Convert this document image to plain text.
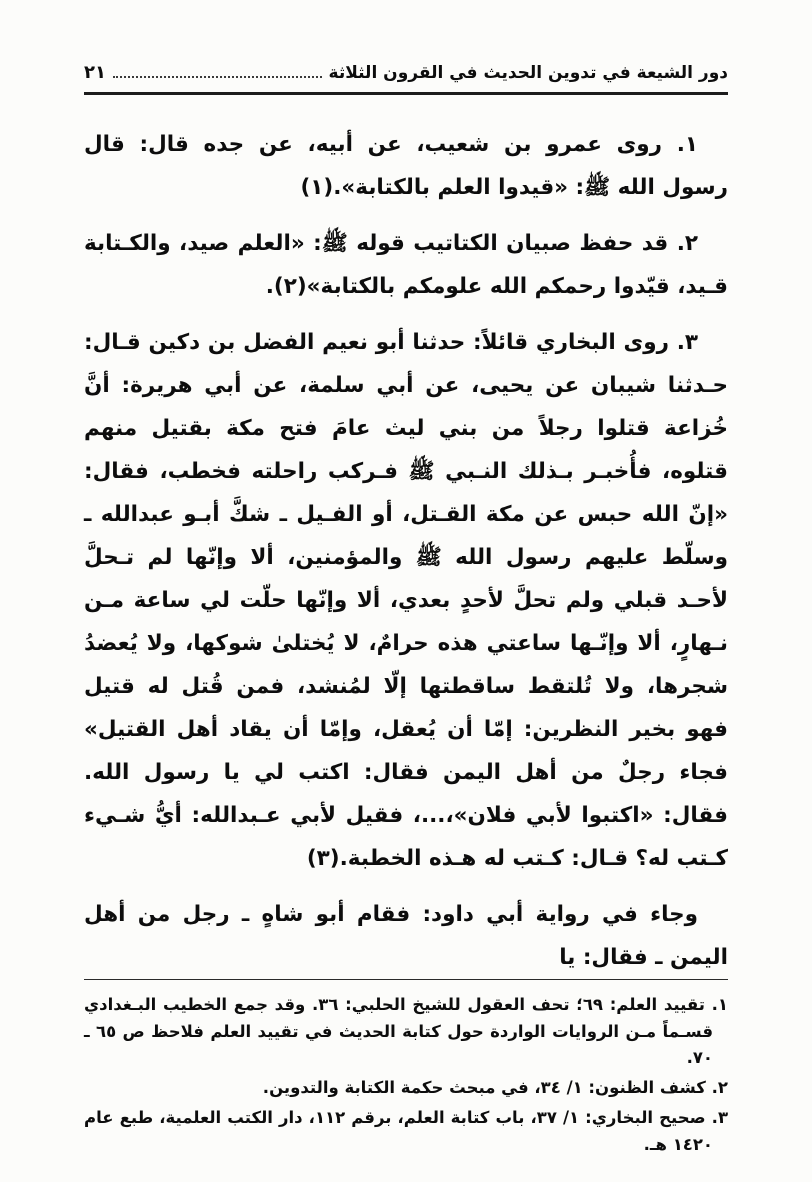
دور الشيعة في تدوين الحديث في القرون الثلاثة
٢١

١. روى عمرو بن شعيب، عن أبيه، عن جده قال: قال رسول الله ﷺ: «قيدوا العلم بالكتابة».(١)

٢. قد حفظ صبيان الكتاتيب قوله ﷺ: «العلم صيد، والكـتابة قـيد، قيّدوا رحمكم الله علومكم بالكتابة»(٢).

٣. روى البخاري قائلاً: حدثنا أبو نعيم الفضل بن دكين قـال: حـدثنا شيبان عن يحيى، عن أبي سلمة، عن أبي هريرة: أنَّ خُزاعة قتلوا رجلاً من بني ليث عامَ فتح مكة بقتيل منهم قتلوه، فأُخبـر بـذلك النـبي ﷺ فـركب راحلته فخطب، فقال: «إنّ الله حبس عن مكة القـتل، أو الفـيل ـ شكَّ أبـو عبدالله ـ وسلّط عليهم رسول الله ﷺ والمؤمنين، ألا وإنّها لم تـحلَّ لأحـد قبلي ولم تحلَّ لأحدٍ بعدي، ألا وإنّها حلّت لي ساعة مـن نـهارٍ، ألا وإنّـها ساعتي هذه حرامٌ، لا يُختلىٰ شوكها، ولا يُعضدُ شجرها، ولا تُلتقط ساقطتها إلّا لمُنشد، فمن قُتل له قتيل فهو بخير النظرين: إمّا أن يُعقل، وإمّا أن يقاد أهل القتيل» فجاء رجلٌ من أهل اليمن فقال: اكتب لي يا رسول الله. فقال: «اكتبوا لأبي فلان»،...، فقيل لأبي عـبدالله: أيُّ شـيء كـتب له؟ قـال: كـتب له هـذه الخطبة.(٣)

وجاء في رواية أبي داود: فقام أبو شاهٍ ـ رجل من أهل اليمن ـ فقال: يا

١. تقييد العلم: ٦٩؛ تحف العقول للشيخ الحلبي: ٣٦. وقد جمع الخطيب البـغدادي قسـماً مـن الروايات الواردة حول كتابة الحديث في تقييد العلم فلاحظ ص ٦٥ ـ ٧٠.
٢. كشف الظنون: ١/ ٣٤، في مبحث حكمة الكتابة والتدوين.
٣. صحيح البخاري: ١/ ٣٧، باب كتابة العلم، برقم ١١٢، دار الكتب العلمية، طبع عام ١٤٢٠ هـ.
